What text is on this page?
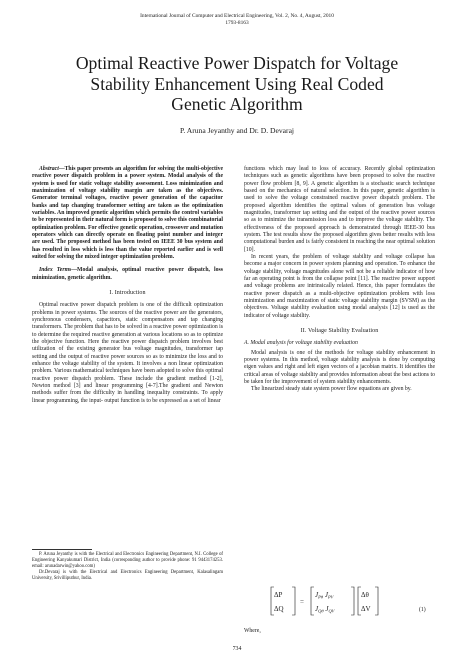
International Journal of Computer and Electrical Engineering, Vol. 2, No. 4, August, 2010
1793-8163
Optimal Reactive Power Dispatch for Voltage
Stability Enhancement Using Real Coded
Genetic Algorithm
P. Aruna Jeyanthy and Dr. D. Devaraj

Abstract—This paper presents an algorithm for solving the multi-objective reactive power dispatch problem in a power system. Modal analysis of the system is used for static voltage stability assessment. Loss minimization and maximization of voltage stability margin are taken as the objectives. Generator terminal voltages, reactive power generation of the capacitor banks and tap changing transformer setting are taken as the optimization variables. An improved genetic algorithm which permits the control variables to be represented in their natural form is proposed to solve this combinatorial optimization problem. For effective genetic operation, crossover and mutation operators which can directly operate on floating point number and integer are used. The proposed method has been tested on IEEE 30 bus system and has resulted in loss which is less than the value reported earlier and is well suited for solving the mixed integer optimization problem.

Index Terms—Modal analysis, optimal reactive power dispatch, loss minimization, genetic algorithm.

I. Introduction

Optimal reactive power dispatch problem is one of the difficult optimization problems in power systems. The sources of the reactive power are the generators, synchronous condensers, capacitors, static compensators and tap changing transformers. The problem that has to be solved in a reactive power optimization is to determine the required reactive generation at various locations so as to optimize the objective function. Here the reactive power dispatch problem involves best utilization of the existing generator bus voltage magnitudes, transformer tap setting and the output of reactive power sources so as to minimize the loss and to enhance the voltage stability of the system. It involves a non linear optimization problem. Various mathematical techniques have been adopted to solve this optimal reactive power dispatch problem. These include the gradient method [1-2], Newton method [3] and linear programming [4-7].The gradient and Newton methods suffer from the difficulty in handling inequality constraints. To apply linear programming, the input- output function is to be expressed as a set of linear

functions which may lead to loss of accuracy. Recently global optimization techniques such as genetic algorithms have been proposed to solve the reactive power flow problem [8, 9]. A genetic algorithm is a stochastic search technique based on the mechanics of natural selection. In this paper, genetic algorithm is used to solve the voltage constrained reactive power dispatch problem. The proposed algorithm identifies the optimal values of generation bus voltage magnitudes, transformer tap setting and the output of the reactive power sources so as to minimize the transmission loss and to improve the voltage stability. The effectiveness of the proposed approach is demonstrated through IEEE-30 bus system. The test results show the proposed algorithm gives better results with less computational burden and is fairly consistent in reaching the near optimal solution [10].

In recent years, the problem of voltage stability and voltage collapse has become a major concern in power system planning and operation. To enhance the voltage stability, voltage magnitudes alone will not be a reliable indicator of how far an operating point is from the collapse point [11]. The reactive power support and voltage problems are intrinsically related. Hence, this paper formulates the reactive power dispatch as a multi-objective optimization problem with loss minimization and maximization of static voltage stability margin (SVSM) as the objectives. Voltage stability evaluation using modal analysis [12] is used as the indicator of voltage stability.

II. Voltage Stability Evaluation

A. Modal analysis for voltage stability evaluation

Modal analysis is one of the methods for voltage stability enhancement in power systems. In this method, voltage stability analysis is done by computing eigen values and right and left eigen vectors of a jacobian matrix. It identifies the critical areas of voltage stability and provides information about the best actions to be taken for the improvement of system stability enhancements.

The linearized steady state system power flow equations are given by.

P. Aruna Jeyanthy is with the Electrical and Electronics Engineering Department, N.I. College of Engineering Kanyakumari District, India (corresponding author to provide phone: 91 9443174253. email: arunadarwin@yahoo.com)

Dr.Devaraj is with the Electrical and Electronics Engineering Department, Kalasalingam University, Srivilliputhur, India.

ΔP
ΔQ
=
$J_{P\theta}$ $J_{PV}$
$J_{Q\theta}$ $J_{QV}$
Δθ
ΔV	(1)
Where,
734
